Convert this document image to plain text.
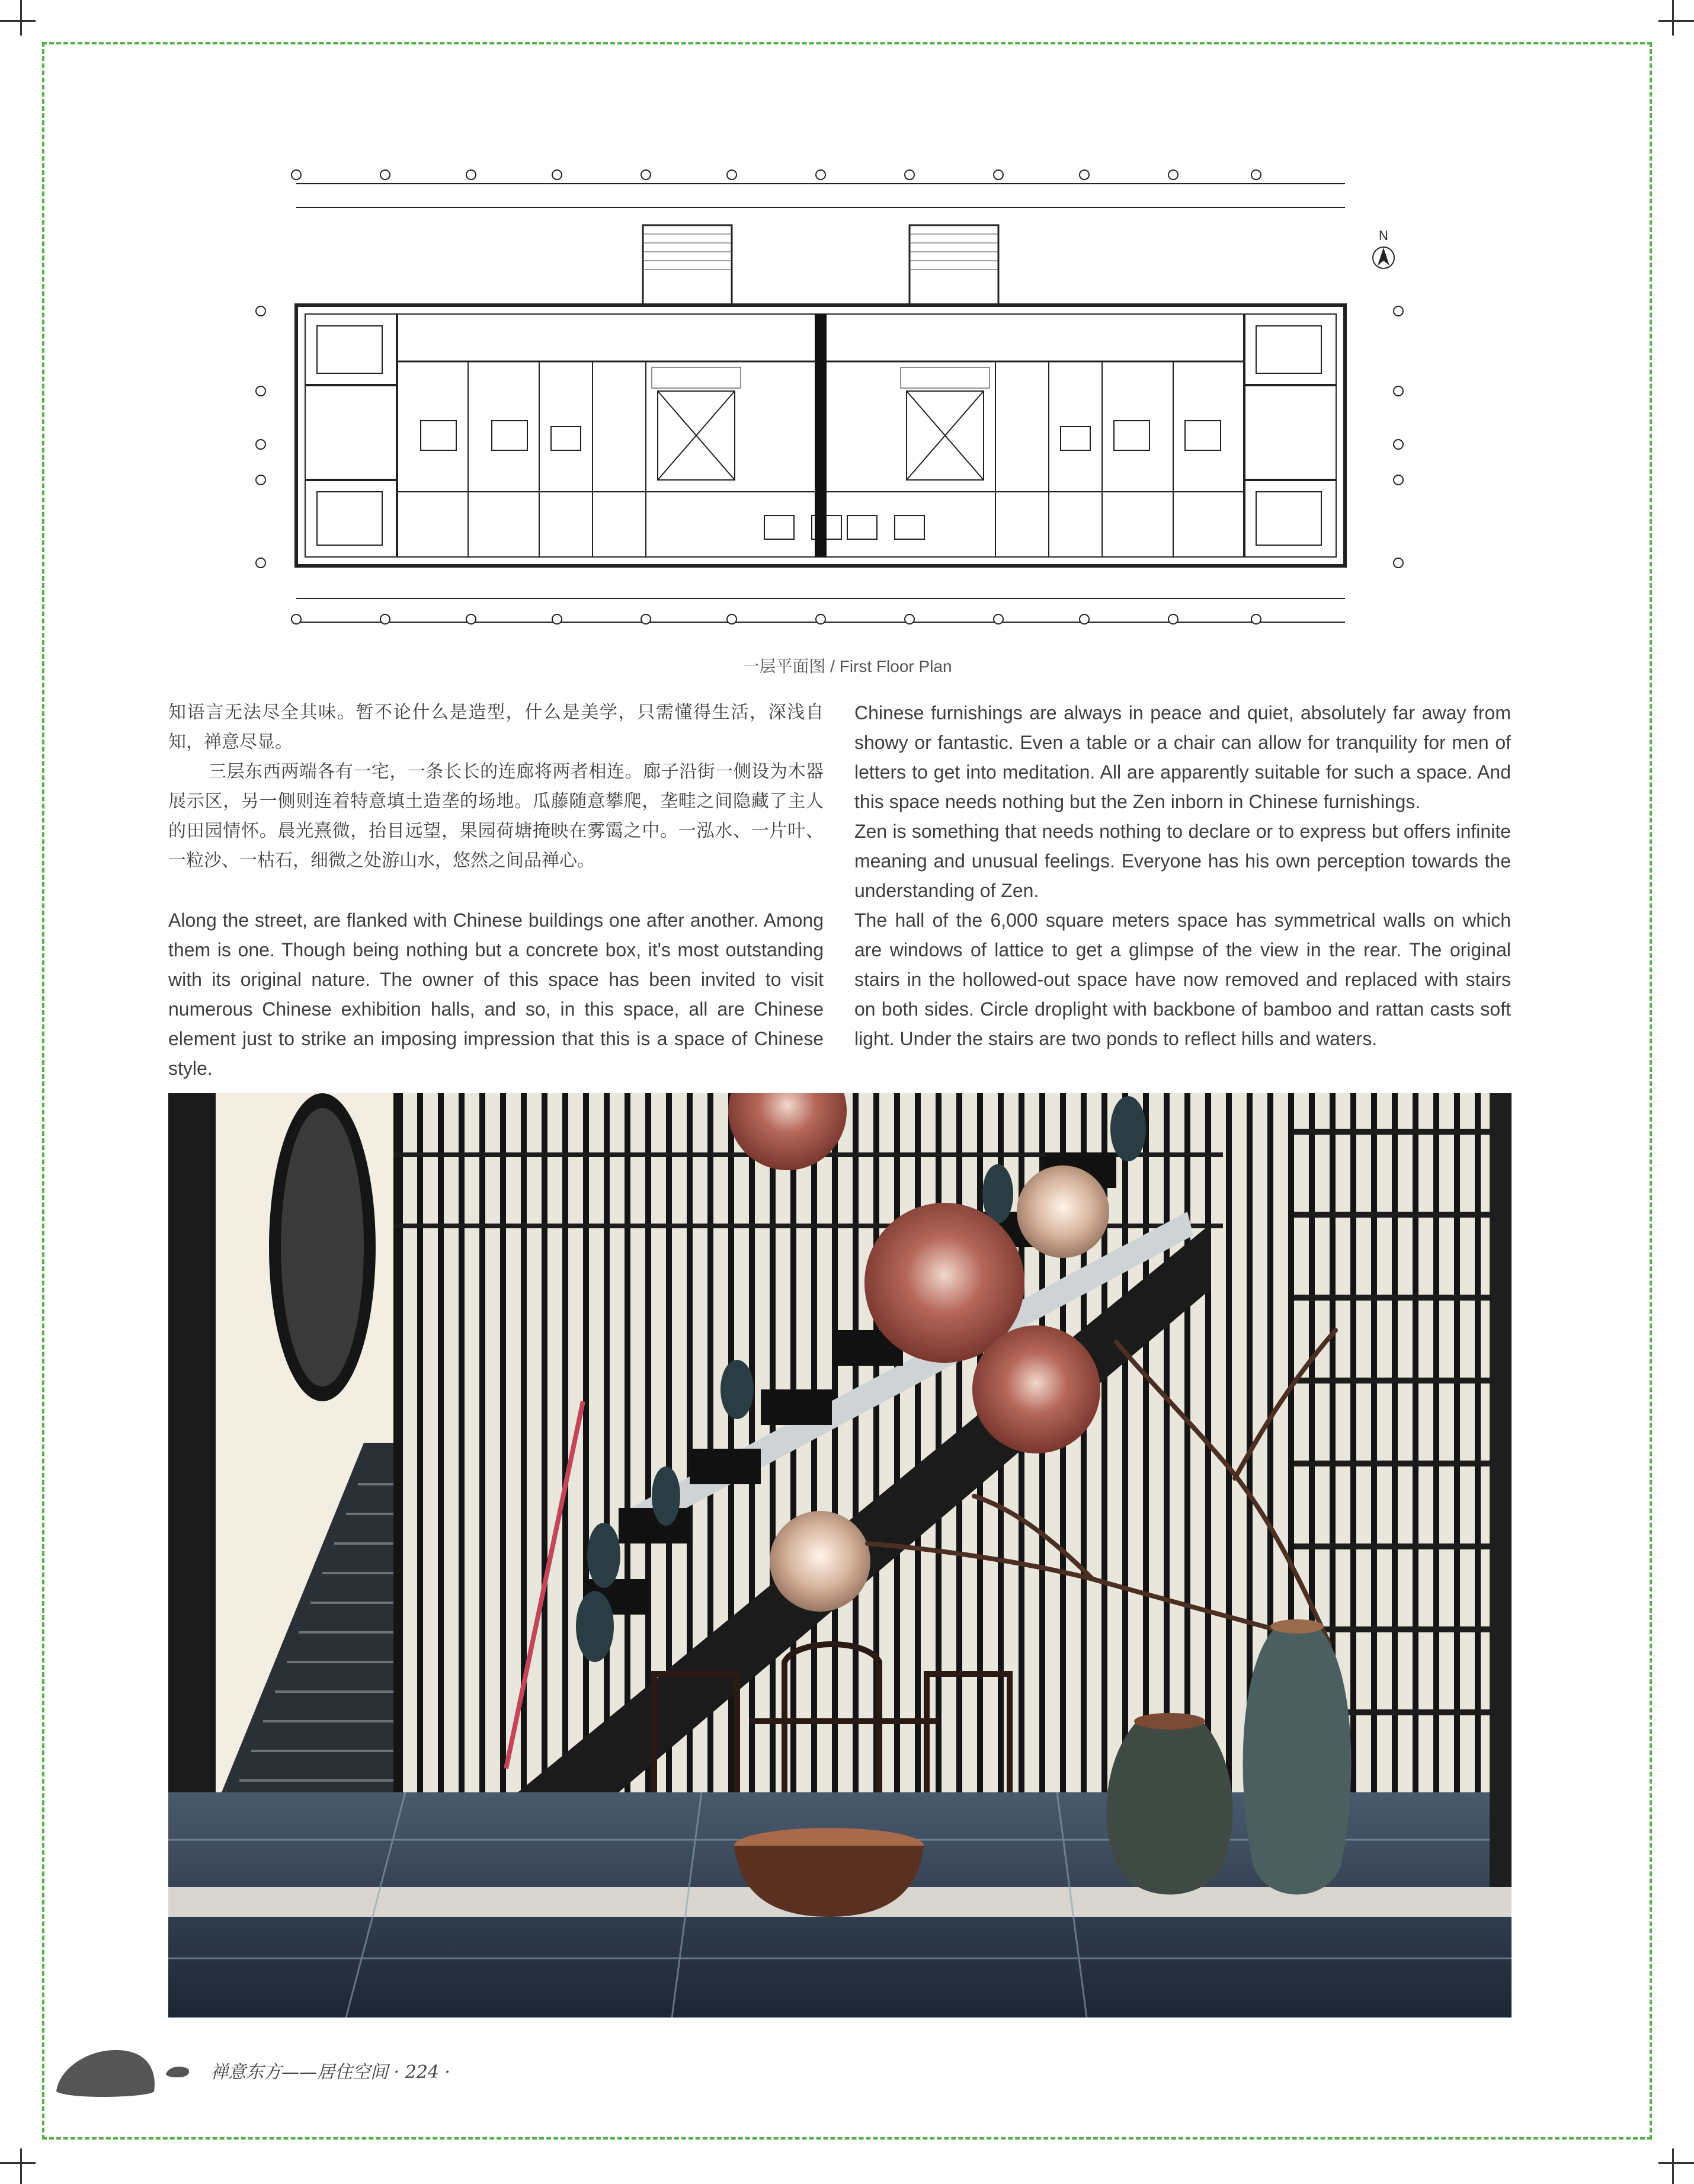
N
一层平面图 / First Floor Plan

知语言无法尽全其味。暂不论什么是造型，什么是美学，只需懂得生活，深浅自知，禅意尽显。

三层东西两端各有一宅，一条长长的连廊将两者相连。廊子沿街一侧设为木器展示区，另一侧则连着特意填土造垄的场地。瓜藤随意攀爬，垄畦之间隐藏了主人的田园情怀。晨光熹微，抬目远望，果园荷塘掩映在雾霭之中。一泓水、一片叶、一粒沙、一枯石，细微之处游山水，悠然之间品禅心。

Along the street, are flanked with Chinese buildings one after another. Among them is one. Though being nothing but a concrete box, it's most outstanding with its original nature. The owner of this space has been invited to visit numerous Chinese exhibition halls, and so, in this space, all are Chinese element just to strike an imposing impression that this is a space of Chinese style.

Chinese furnishings are always in peace and quiet, absolutely far away from showy or fantastic. Even a table or a chair can allow for tranquility for men of letters to get into meditation. All are apparently suitable for such a space. And this space needs nothing but the Zen inborn in Chinese furnishings.

Zen is something that needs nothing to declare or to express but offers infinite meaning and unusual feelings. Everyone has his own perception towards the understanding of Zen.

The hall of the 6,000 square meters space has symmetrical walls on which are windows of lattice to get a glimpse of the view in the rear. The original stairs in the hollowed-out space have now removed and replaced with stairs on both sides. Circle droplight with backbone of bamboo and rattan casts soft light. Under the stairs are two ponds to reflect hills and waters.

禅意东方——居住空间 · 224 ·
